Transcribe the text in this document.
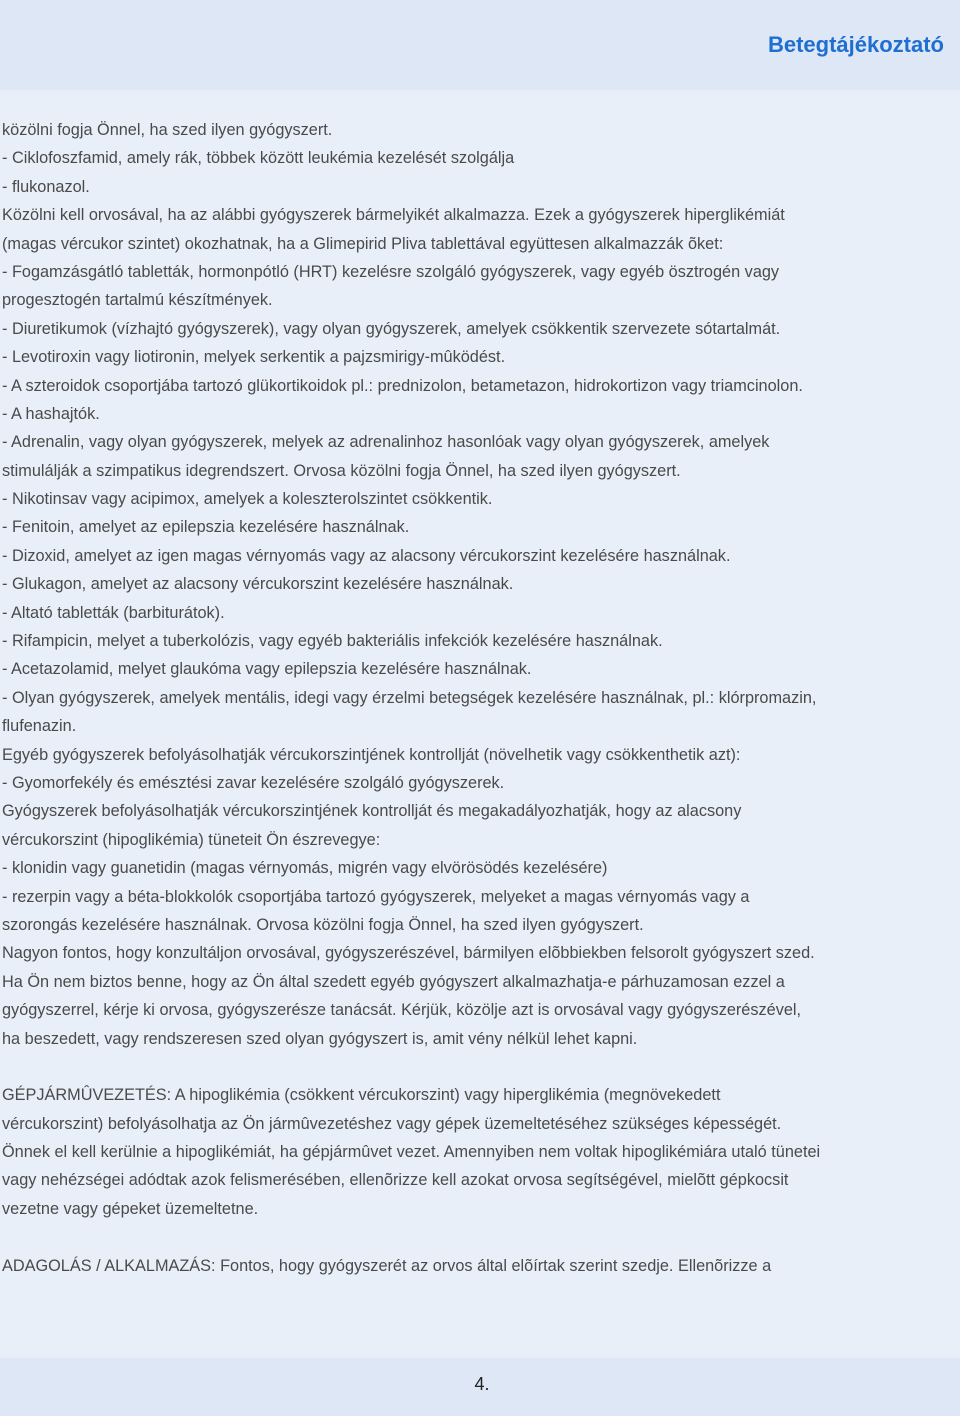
Betegtájékoztató
közölni fogja Önnel, ha szed ilyen gyógyszert.
- Ciklofoszfamid, amely rák, többek között leukémia kezelését szolgálja
- flukonazol.
Közölni kell orvosával, ha az alábbi gyógyszerek bármelyikét alkalmazza. Ezek a gyógyszerek hiperglikémiát
(magas vércukor szintet) okozhatnak, ha a Glimepirid Pliva tablettával együttesen alkalmazzák õket:
- Fogamzásgátló tabletták, hormonpótló (HRT) kezelésre szolgáló gyógyszerek, vagy egyéb ösztrogén vagy
progesztogén tartalmú készítmények.
- Diuretikumok (vízhajtó gyógyszerek), vagy olyan gyógyszerek, amelyek csökkentik szervezete sótartalmát.
- Levotiroxin vagy liotironin, melyek serkentik a pajzsmirigy-mûködést.
- A szteroidok csoportjába tartozó glükortikoidok pl.: prednizolon, betametazon, hidrokortizon vagy triamcinolon.
- A hashajtók.
- Adrenalin, vagy olyan gyógyszerek, melyek az adrenalinhoz hasonlóak vagy olyan gyógyszerek, amelyek
stimulálják a szimpatikus idegrendszert. Orvosa közölni fogja Önnel, ha szed ilyen gyógyszert.
- Nikotinsav vagy acipimox, amelyek a koleszterolszintet csökkentik.
- Fenitoin, amelyet az epilepszia kezelésére használnak.
- Dizoxid, amelyet az igen magas vérnyomás vagy az alacsony vércukorszint kezelésére használnak.
- Glukagon, amelyet az alacsony vércukorszint kezelésére használnak.
- Altató tabletták (barbiturátok).
- Rifampicin, melyet a tuberkolózis, vagy egyéb bakteriális infekciók kezelésére használnak.
- Acetazolamid, melyet glaukóma vagy epilepszia kezelésére használnak.
- Olyan gyógyszerek, amelyek mentális, idegi vagy érzelmi betegségek kezelésére használnak, pl.: klórpromazin,
flufenazin.
Egyéb gyógyszerek befolyásolhatják vércukorszintjének kontrollját (növelhetik vagy csökkenthetik azt):
- Gyomorfekély és emésztési zavar kezelésére szolgáló gyógyszerek.
Gyógyszerek befolyásolhatják vércukorszintjének kontrollját és megakadályozhatják, hogy az alacsony
vércukorszint (hipoglikémia) tüneteit Ön észrevegye:
- klonidin vagy guanetidin (magas vérnyomás, migrén vagy elvörösödés kezelésére)
- rezerpin vagy a béta-blokkolók csoportjába tartozó gyógyszerek, melyeket a magas vérnyomás vagy a
szorongás kezelésére használnak. Orvosa közölni fogja Önnel, ha szed ilyen gyógyszert.
Nagyon fontos, hogy konzultáljon orvosával, gyógyszerészével, bármilyen elõbbiekben felsorolt gyógyszert szed.
Ha Ön nem biztos benne, hogy az Ön által szedett egyéb gyógyszert alkalmazhatja-e párhuzamosan ezzel a
gyógyszerrel, kérje ki orvosa, gyógyszerésze tanácsát. Kérjük, közölje azt is orvosával vagy gyógyszerészével,
ha beszedett, vagy rendszeresen szed olyan gyógyszert is, amit vény nélkül lehet kapni.
GÉPJÁRMÛVEZETÉS: A hipoglikémia (csökkent vércukorszint) vagy hiperglikémia (megnövekedett
vércukorszint) befolyásolhatja az Ön jármûvezetéshez vagy gépek üzemeltetéséhez szükséges képességét.
Önnek el kell kerülnie a hipoglikémiát, ha gépjármûvet vezet. Amennyiben nem voltak hipoglikémiára utaló tünetei
vagy nehézségei adódtak azok felismerésében, ellenõrizze kell azokat orvosa segítségével, mielõtt gépkocsit
vezetne vagy gépeket üzemeltetne.
ADAGOLÁS / ALKALMAZÁS: Fontos, hogy gyógyszerét az orvos által elõírtak szerint szedje. Ellenõrizze a
4.
